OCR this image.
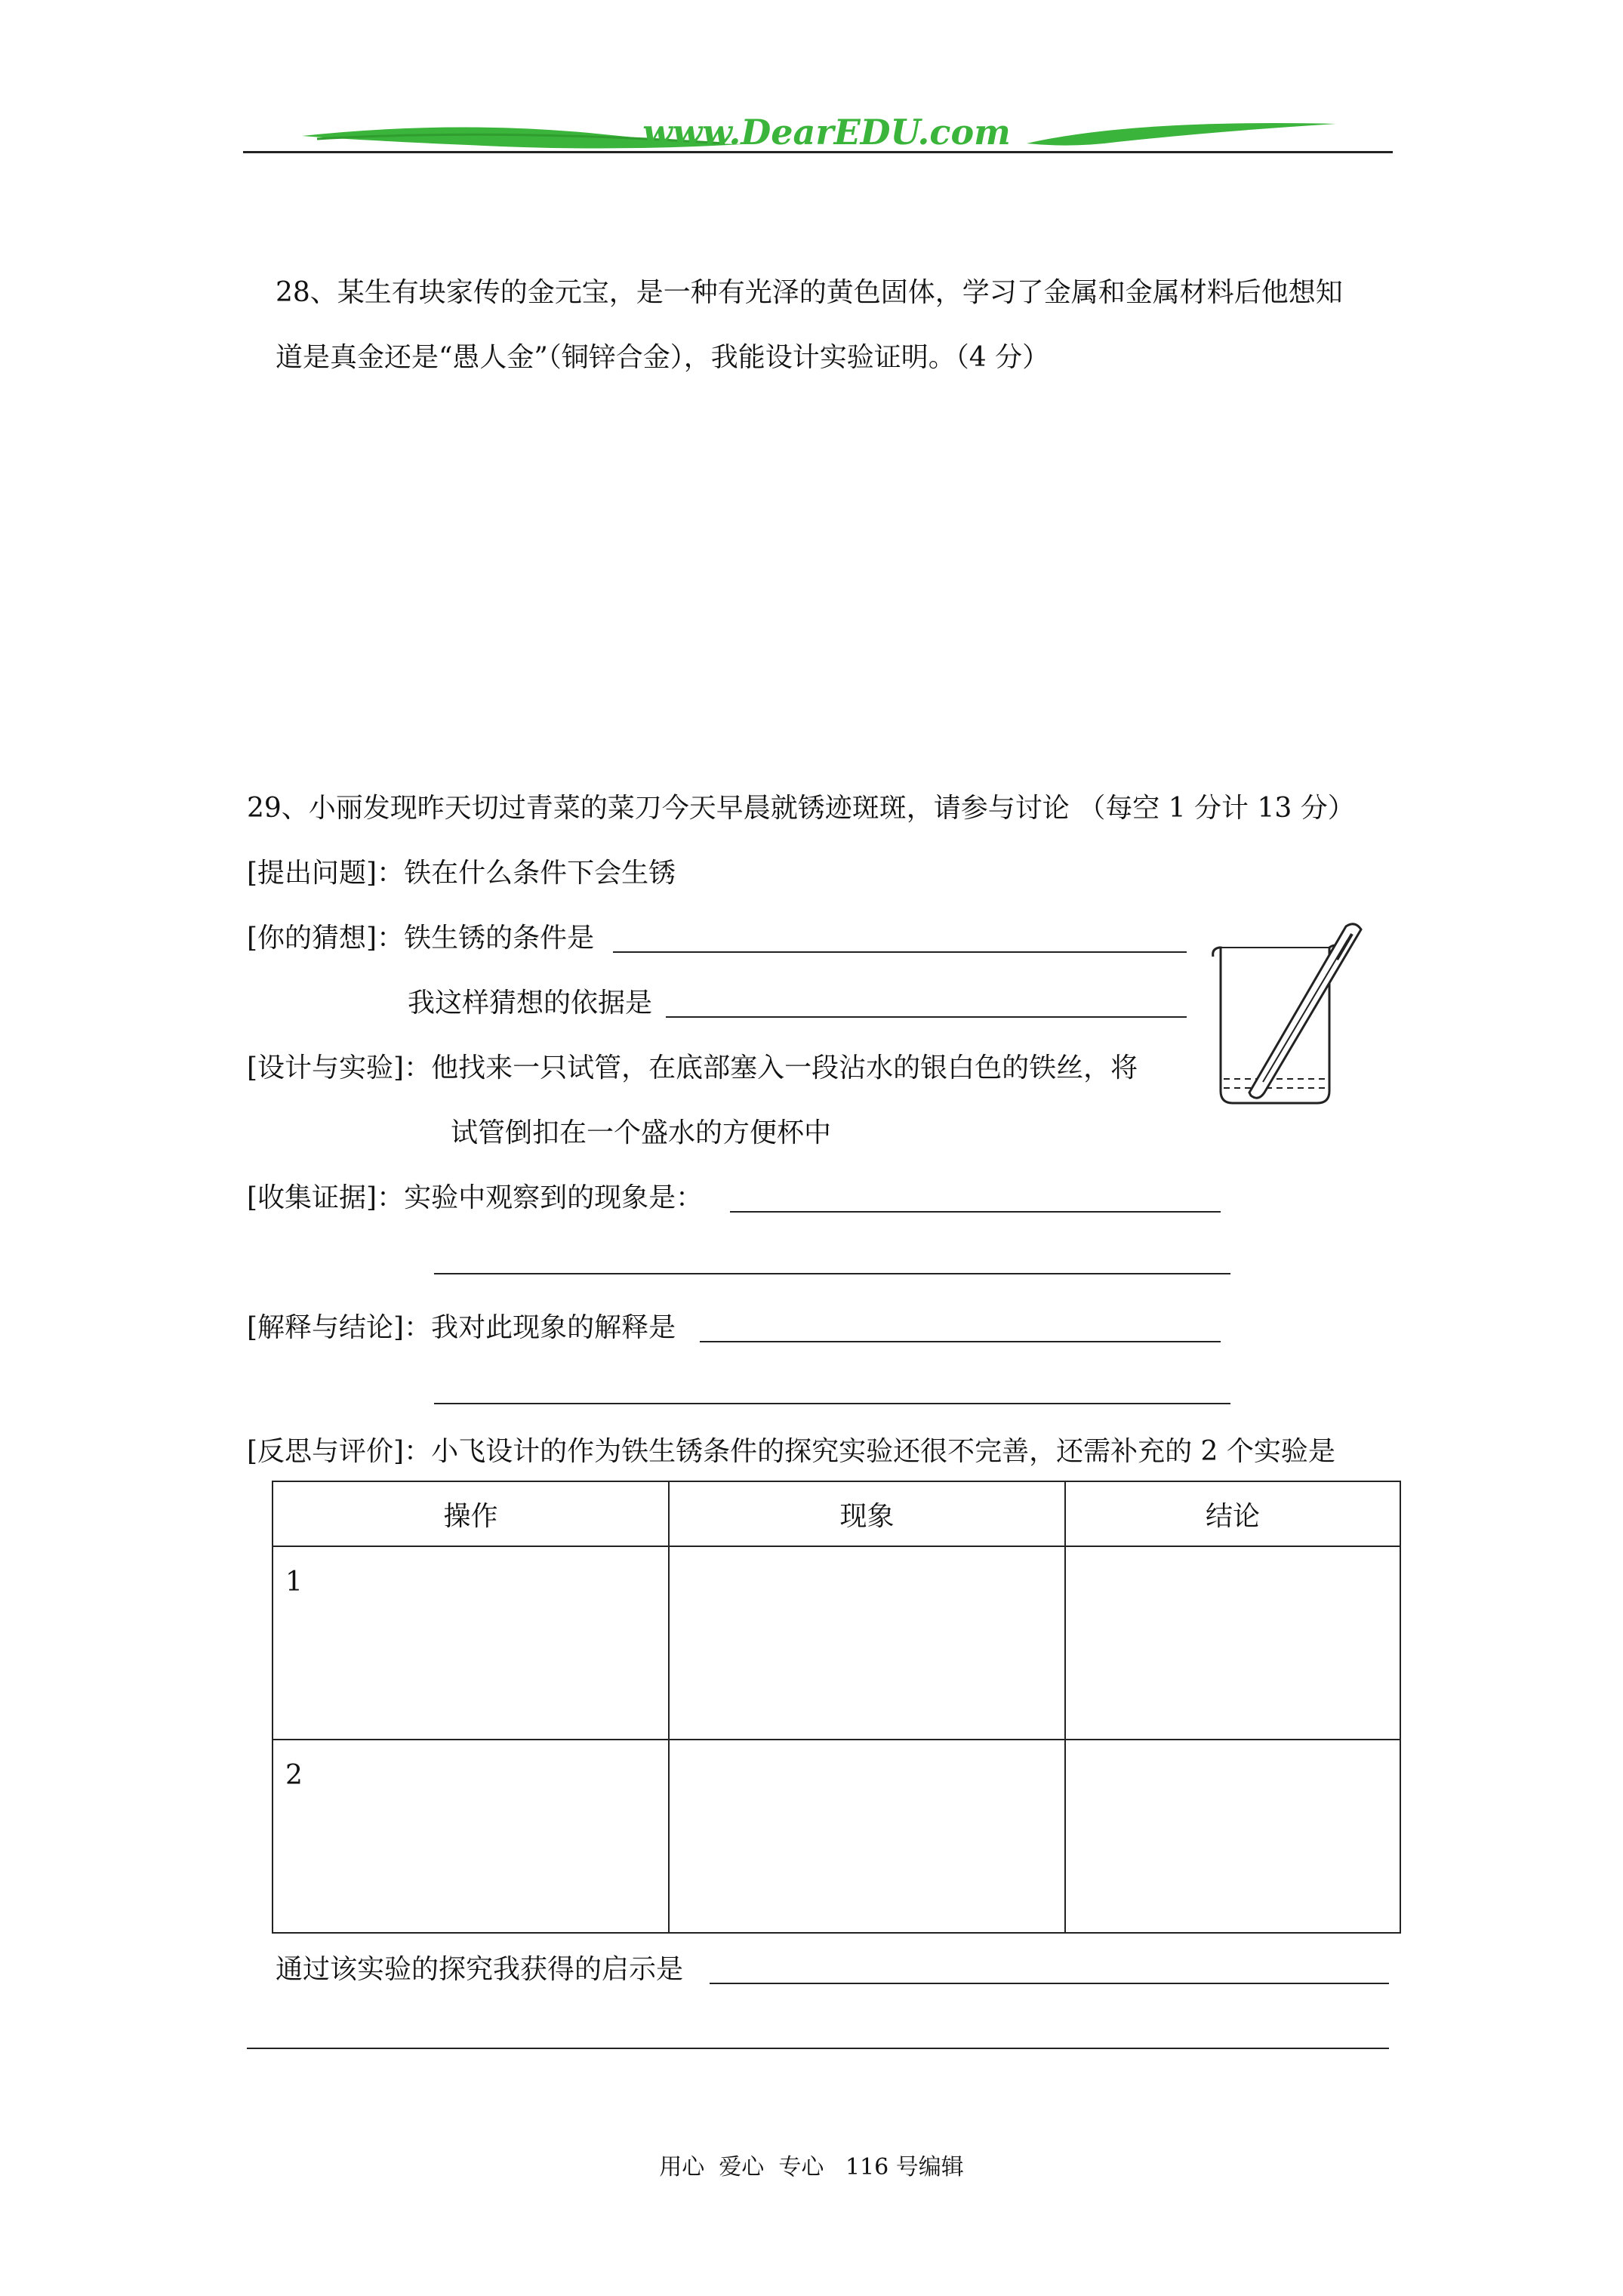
www.DearEDU.com
28、某生有块家传的金元宝，是一种有光泽的黄色固体，学习了金属和金属材料后他想知
道是真金还是“愚人金”（铜锌合金），我能设计实验证明。（4 分）
29、小丽发现昨天切过青菜的菜刀今天早晨就锈迹斑斑，请参与讨论 （每空 1 分计 13 分）
[提出问题]：铁在什么条件下会生锈
[你的猜想]：铁生锈的条件是
我这样猜想的依据是
[设计与实验]：他找来一只试管，在底部塞入一段沾水的银白色的铁丝，将
试管倒扣在一个盛水的方便杯中
[收集证据]：实验中观察到的现象是：
[解释与结论]：我对此现象的解释是
[反思与评价]：小飞设计的作为铁生锈条件的探究实验还很不完善，还需补充的 2 个实验是
操作	现象	结论

1		

2		

通过该实验的探究我获得的启示是
用心  爱心  专心   116 号编辑
